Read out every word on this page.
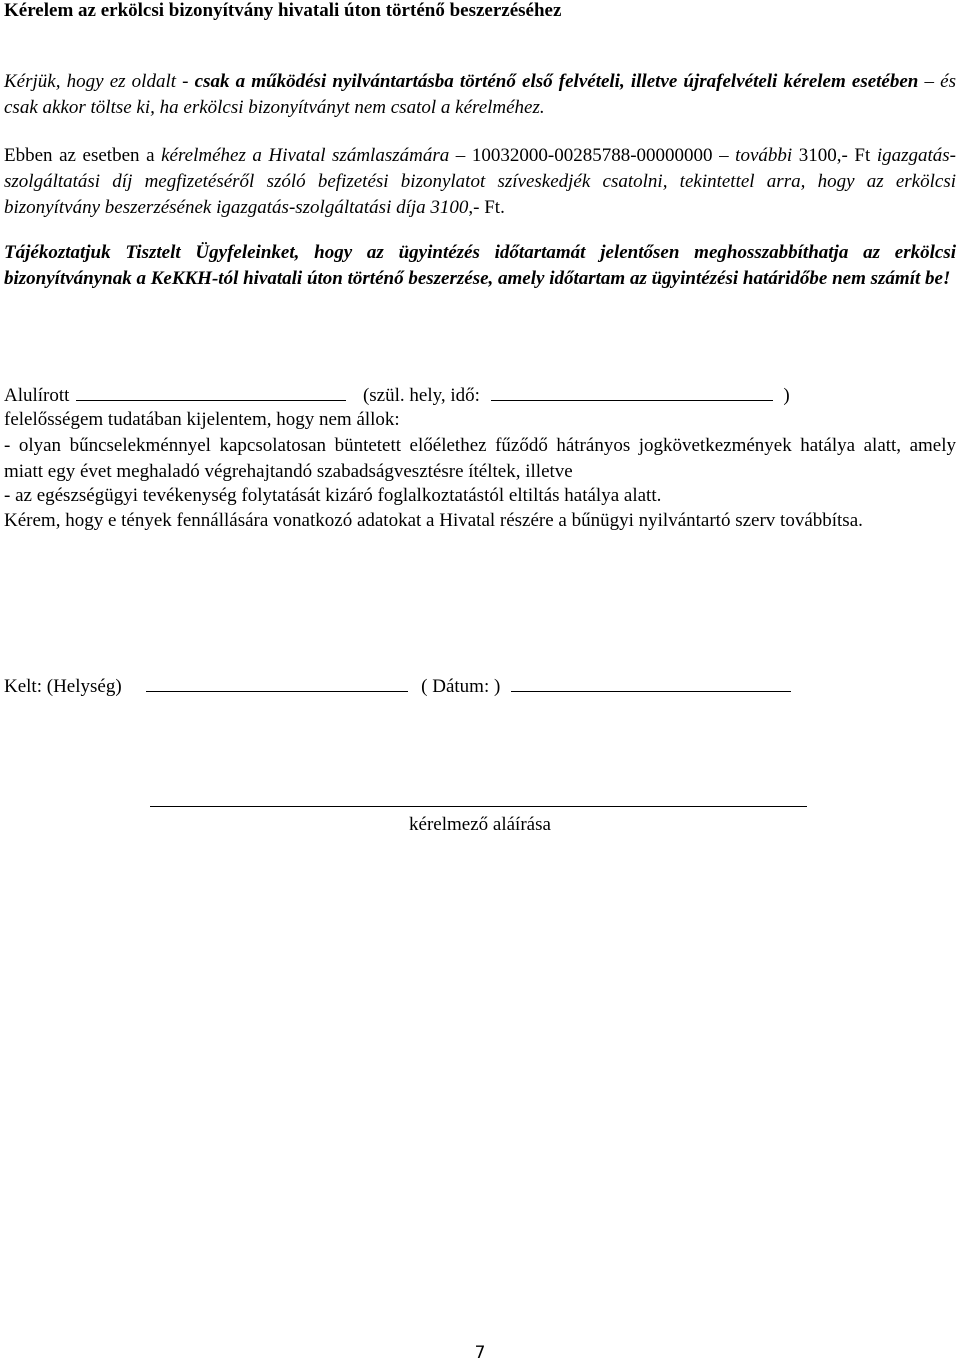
Kérelem az erkölcsi bizonyítvány hivatali úton történő beszerzéséhez

Kérjük, hogy ez oldalt - csak a működési nyilvántartásba történő első felvételi, illetve újrafelvételi kérelem esetében – és csak akkor töltse ki, ha erkölcsi bizonyítványt nem csatol a kérelméhez.

Ebben az esetben a kérelméhez a Hivatal számlaszámára – 10032000-00285788-00000000 – további 3100,- Ft igazgatás-szolgáltatási díj megfizetéséről szóló befizetési bizonylatot szíveskedjék csatolni, tekintettel arra, hogy az erkölcsi bizonyítvány beszerzésének igazgatás-szolgáltatási díja 3100,- Ft.

Tájékoztatjuk Tisztelt Ügyfeleinket, hogy az ügyintézés időtartamát jelentősen meghosszabbíthatja az erkölcsi bizonyítványnak a KeKKH-tól hivatali úton történő beszerzése, amely időtartam az ügyintézési határidőbe nem számít be!

Alulírott	(szül. hely, idő:	)

felelősségem tudatában kijelentem, hogy nem állok:

- olyan bűncselekménnyel kapcsolatosan büntetett előélethez fűződő hátrányos jogkövetkezmények hatálya alatt, amely miatt egy évet meghaladó végrehajtandó szabadságvesztésre ítéltek, illetve

- az egészségügyi tevékenység folytatását kizáró foglalkoztatástól eltiltás hatálya alatt.

Kérem, hogy e tények fennállására vonatkozó adatokat a Hivatal részére a bűnügyi nyilvántartó szerv továbbítsa.

Kelt: (Helység)	( Dátum: )

kérelmező aláírása

7
